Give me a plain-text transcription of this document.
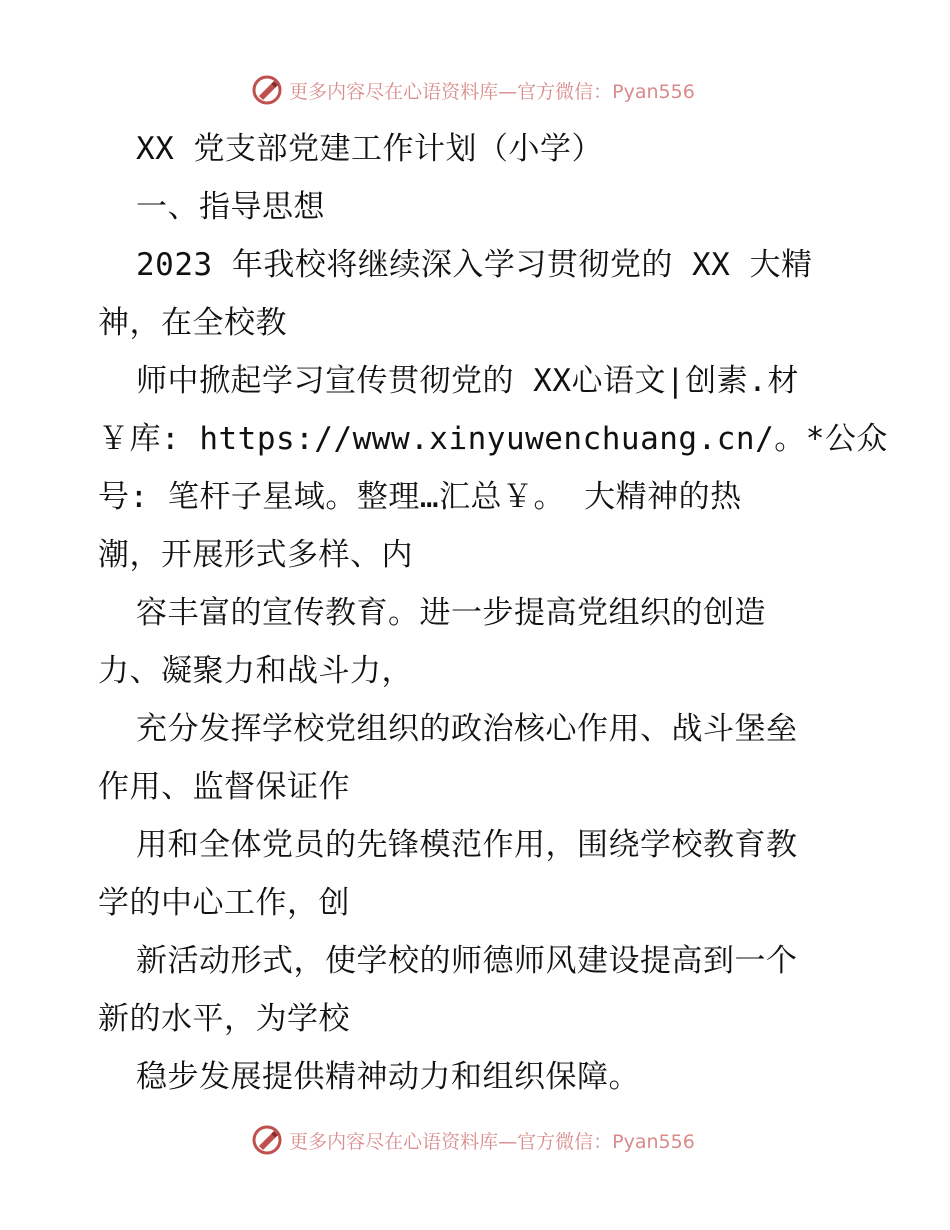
更多内容尽在心语资料库—官方微信：Pyan556
XX 党支部党建工作计划（小学）
一、指导思想
2023 年我校将继续深入学习贯彻党的 XX 大精
神，在全校教
师中掀起学习宣传贯彻党的 XX心语文|创素.材
￥库: https://www.xinyuwenchuang.cn/。*公众
号: 笔杆子星域。整理…汇总￥。 大精神的热
潮，开展形式多样、内
容丰富的宣传教育。进一步提高党组织的创造
力、凝聚力和战斗力，
充分发挥学校党组织的政治核心作用、战斗堡垒
作用、监督保证作
用和全体党员的先锋模范作用，围绕学校教育教
学的中心工作，创
新活动形式，使学校的师德师风建设提高到一个
新的水平，为学校
稳步发展提供精神动力和组织保障。
更多内容尽在心语资料库—官方微信：Pyan556
